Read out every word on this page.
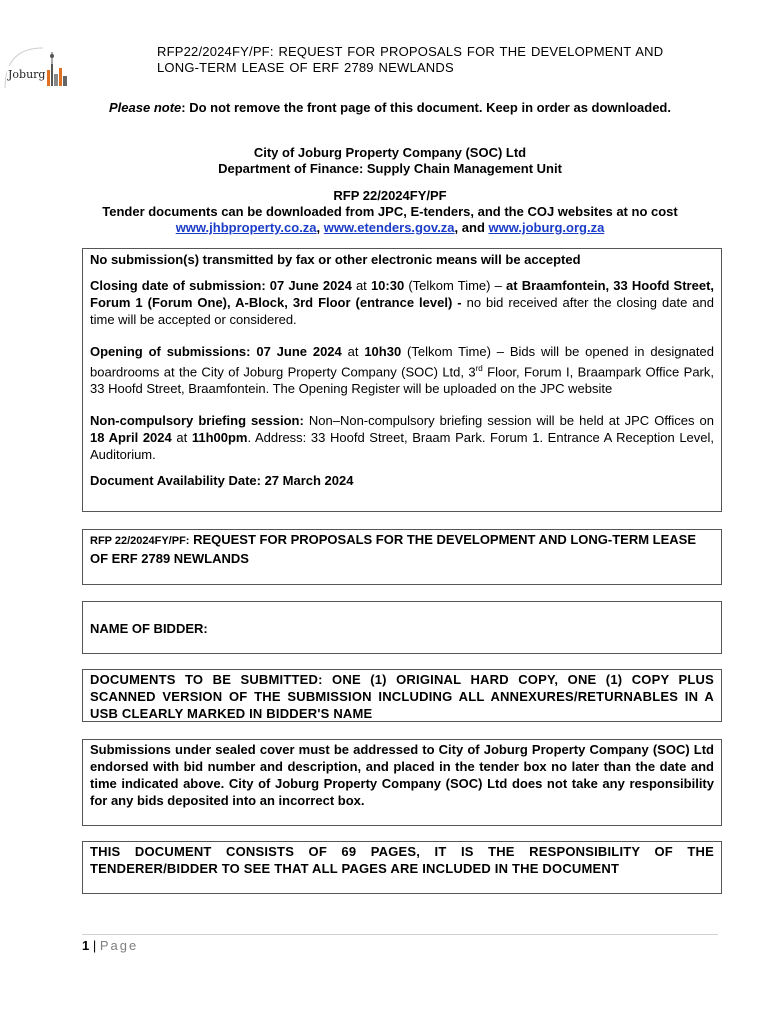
Joburg
RFP22/2024FY/PF: REQUEST FOR PROPOSALS FOR THE DEVELOPMENT AND
LONG-TERM LEASE OF ERF 2789 NEWLANDS
Please note: Do not remove the front page of this document. Keep in order as downloaded.
City of Joburg Property Company (SOC) Ltd
Department of Finance: Supply Chain Management Unit
RFP 22/2024FY/PF
Tender documents can be downloaded from JPC, E-tenders, and the COJ websites at no cost www.jhbproperty.co.za, www.etenders.gov.za, and www.joburg.org.za

No submission(s) transmitted by fax or other electronic means will be accepted

Closing date of submission: 07 June 2024 at 10:30 (Telkom Time) – at Braamfontein, 33 Hoofd Street, Forum 1 (Forum One), A-Block, 3rd Floor (entrance level) - no bid received after the closing date and time will be accepted or considered.

Opening of submissions: 07 June 2024 at 10h30 (Telkom Time) – Bids will be opened in designated boardrooms at the City of Joburg Property Company (SOC) Ltd, 3rd Floor, Forum I, Braampark Office Park, 33 Hoofd Street, Braamfontein. The Opening Register will be uploaded on the JPC website

Non-compulsory briefing session: Non–Non-compulsory briefing session will be held at JPC Offices on 18 April 2024 at 11h00pm. Address: 33 Hoofd Street, Braam Park. Forum 1. Entrance A Reception Level, Auditorium.

Document Availability Date: 27 March 2024

RFP 22/2024FY/PF: REQUEST FOR PROPOSALS FOR THE DEVELOPMENT AND LONG-TERM LEASE OF ERF 2789 NEWLANDS
NAME OF BIDDER:
DOCUMENTS TO BE SUBMITTED: ONE (1) ORIGINAL HARD COPY, ONE (1) COPY PLUS SCANNED VERSION OF THE SUBMISSION INCLUDING ALL ANNEXURES/RETURNABLES IN A USB CLEARLY MARKED IN BIDDER'S NAME
Submissions under sealed cover must be addressed to City of Joburg Property Company (SOC) Ltd endorsed with bid number and description, and placed in the tender box no later than the date and time indicated above. City of Joburg Property Company (SOC) Ltd does not take any responsibility for any bids deposited into an incorrect box.
THIS DOCUMENT CONSISTS OF 69 PAGES, IT IS THE RESPONSIBILITY OF THE TENDERER/BIDDER TO SEE THAT ALL PAGES ARE INCLUDED IN THE DOCUMENT
1 | Page
